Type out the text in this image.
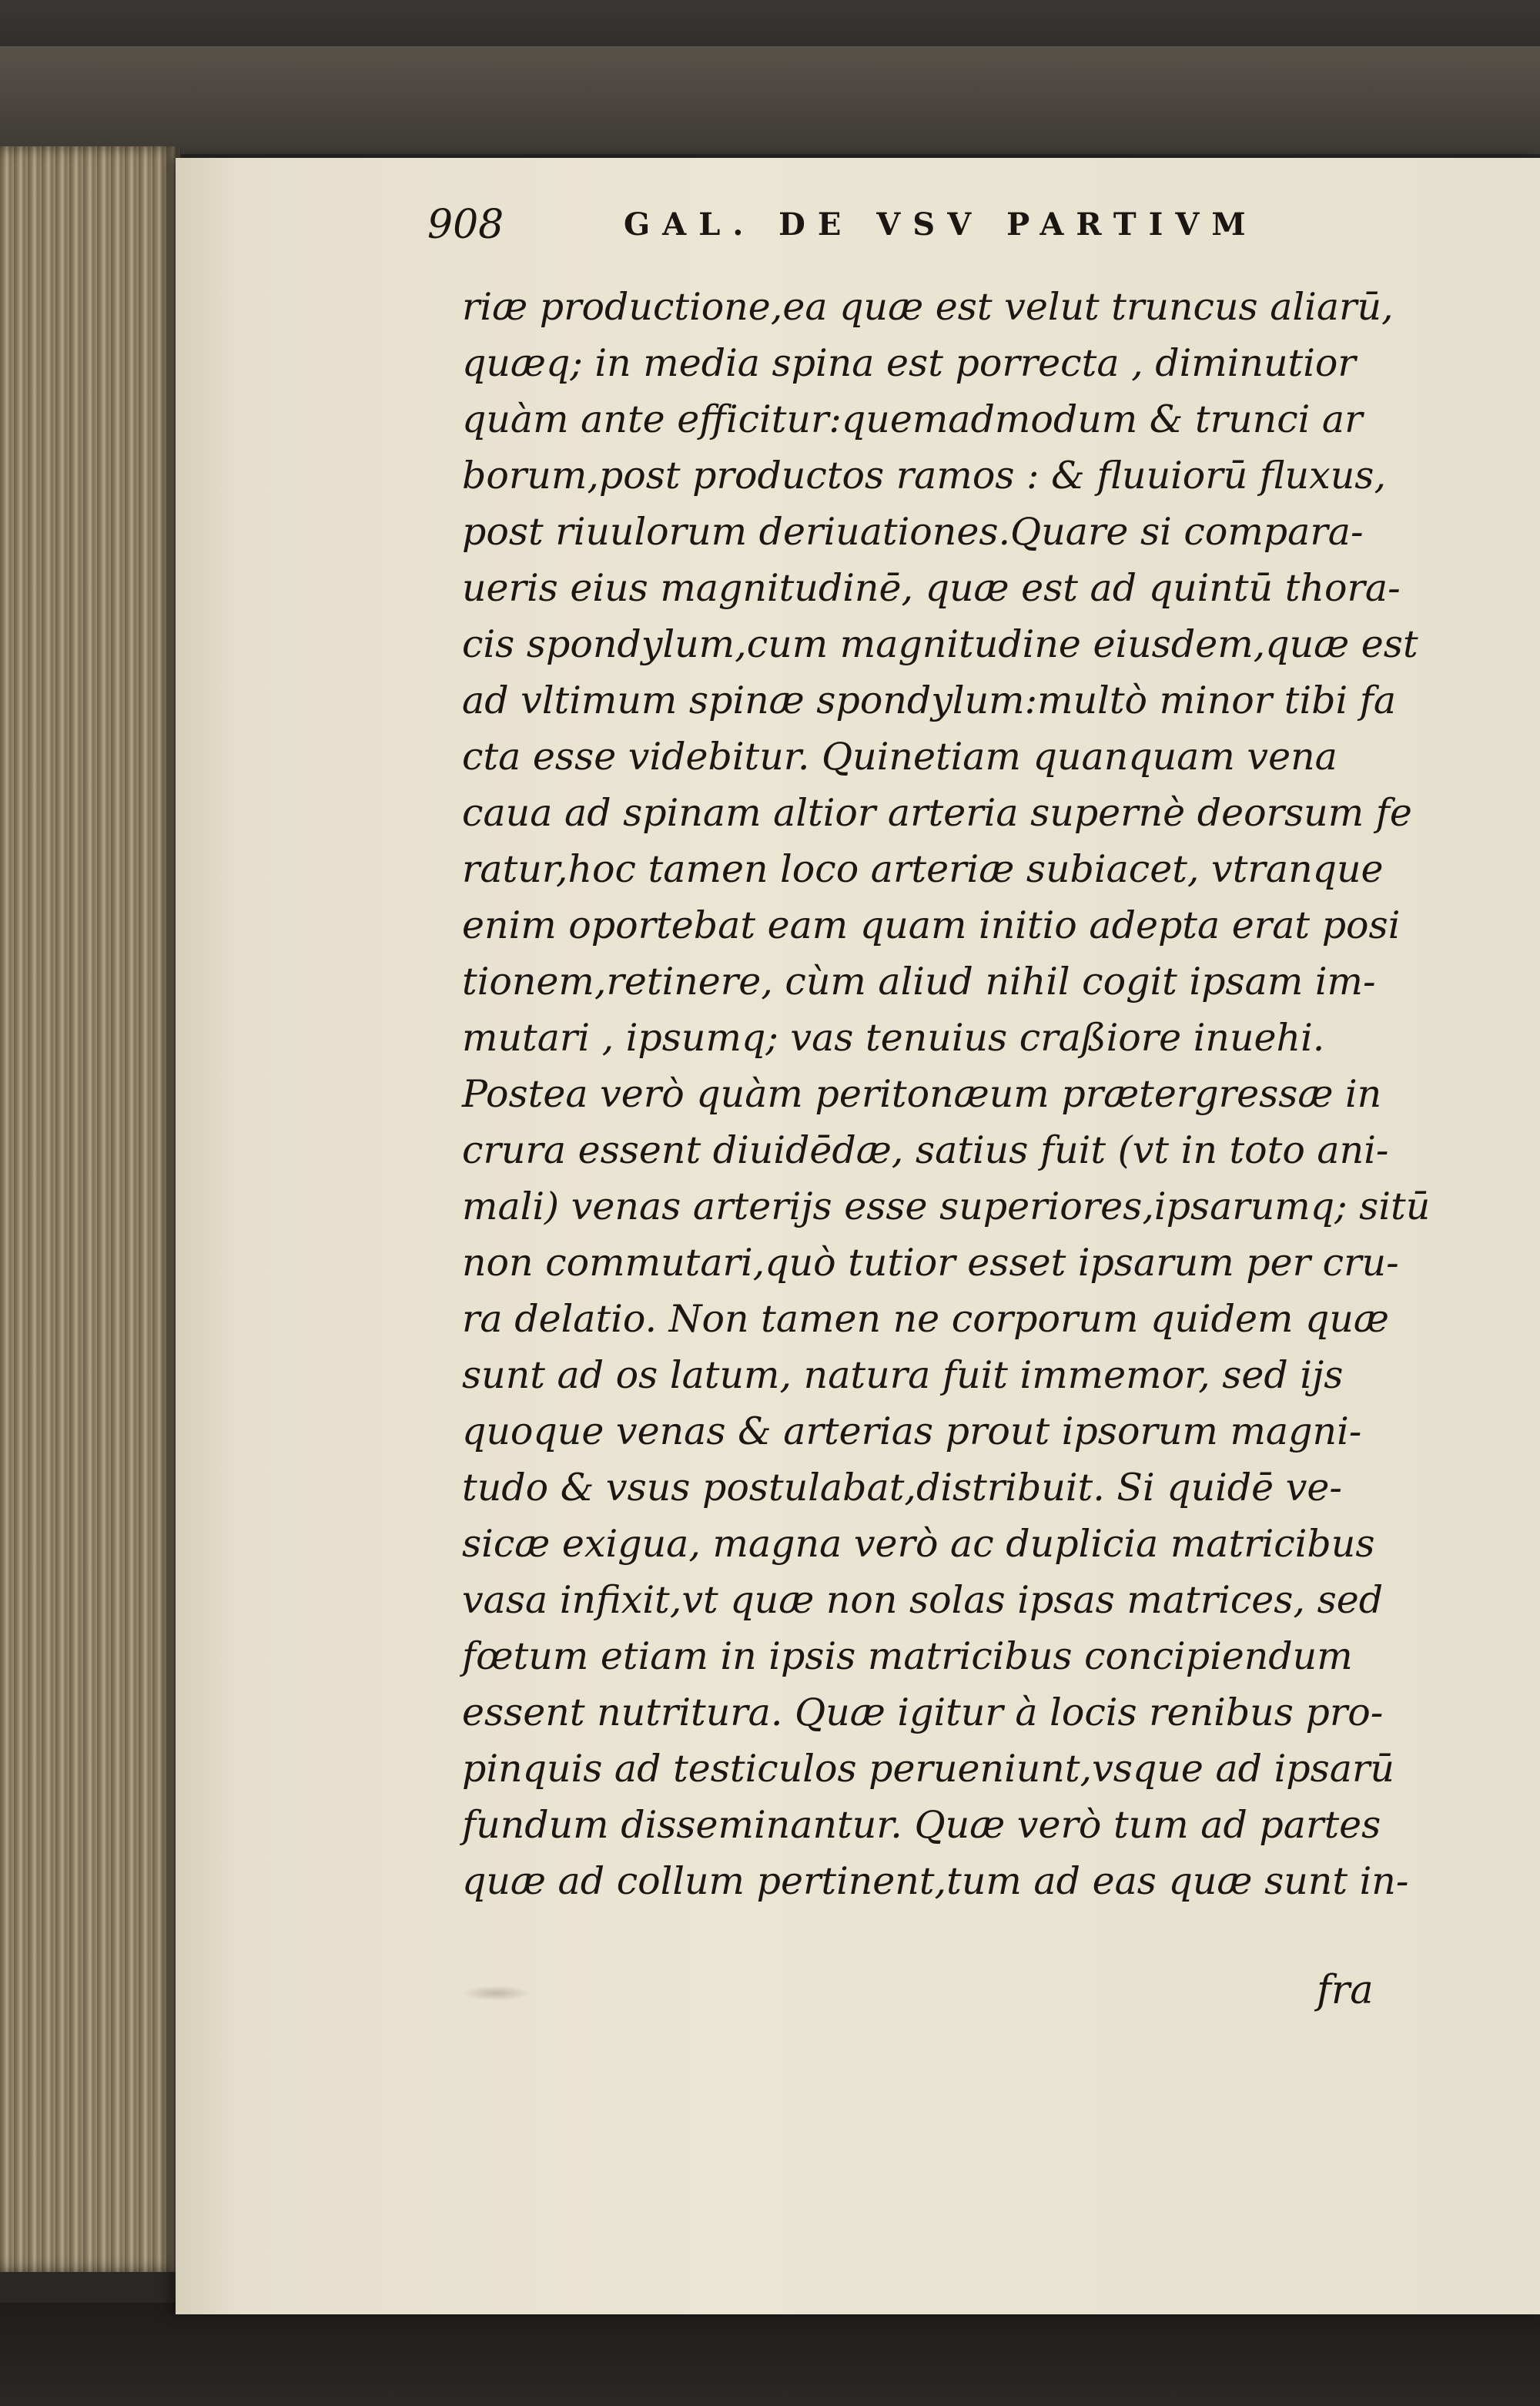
908	GAL. DE VSV PARTIVM
riæ productione,ea quæ est velut truncus aliarū,
quæq; in media spina est porrecta , diminutior
quàm ante efficitur:quemadmodum & trunci ar
borum,post productos ramos : & fluuiorū fluxus,
post riuulorum deriuationes.Quare si compara-
ueris eius magnitudinē, quæ est ad quintū thora-
cis spondylum,cum magnitudine eiusdem,quæ est
ad vltimum spinæ spondylum:multò minor tibi fa
cta esse videbitur. Quinetiam quanquam vena
caua ad spinam altior arteria supernè deorsum fe
ratur,hoc tamen loco arteriæ subiacet, vtranque
enim oportebat eam quam initio adepta erat posi
tionem,retinere, cùm aliud nihil cogit ipsam im-
mutari , ipsumq; vas tenuius craßiore inuehi.
Postea verò quàm peritonæum prætergressæ in
crura essent diuidēdæ, satius fuit (vt in toto ani-
mali) venas arterijs esse superiores,ipsarumq; sitū
non commutari,quò tutior esset ipsarum per cru-
ra delatio. Non tamen ne corporum quidem quæ
sunt ad os latum, natura fuit immemor, sed ijs
quoque venas & arterias prout ipsorum magni-
tudo & vsus postulabat,distribuit. Si quidē ve-
sicæ exigua, magna verò ac duplicia matricibus
vasa infixit,vt quæ non solas ipsas matrices, sed
fœtum etiam in ipsis matricibus concipiendum
essent nutritura. Quæ igitur à locis renibus pro-
pinquis ad testiculos perueniunt,vsque ad ipsarū
fundum disseminantur. Quæ verò tum ad partes
quæ ad collum pertinent,tum ad eas quæ sunt in-
fra
